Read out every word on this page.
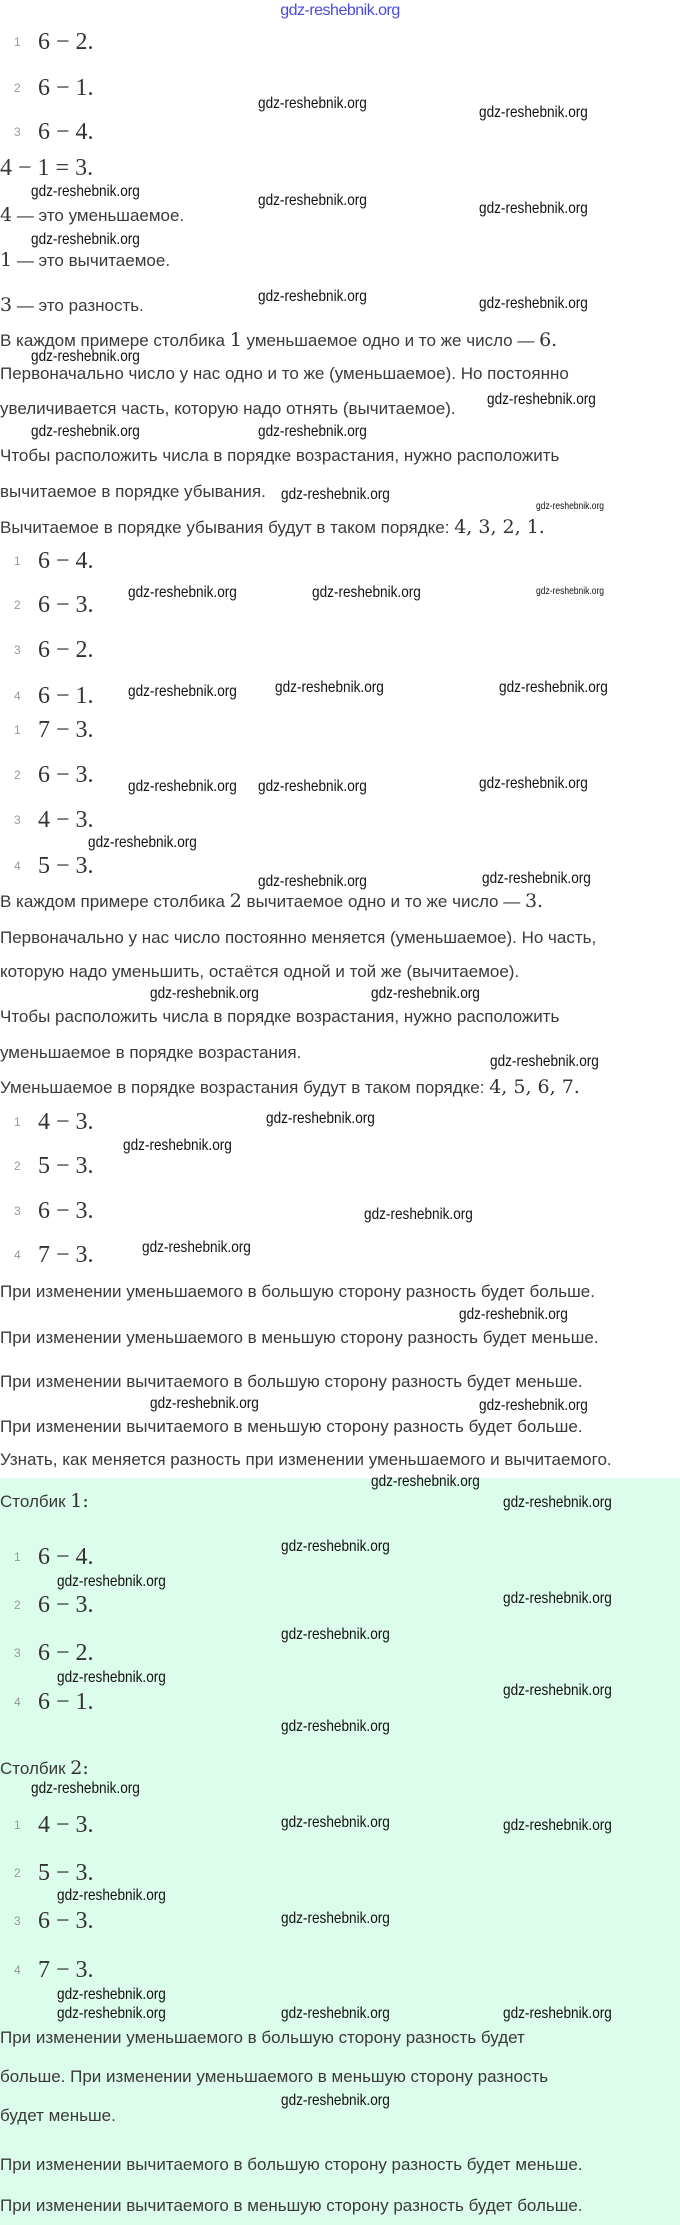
gdz-reshebnik.org
1 6 − 2.
2 6 − 1.
3 6 − 4.
4 − 1 = 3.
4 — это уменьшаемое.
1 — это вычитаемое.
3 — это разность.
В каждом примере столбика 1 уменьшаемое одно и то же число — 6.
Первоначально число у нас одно и то же (уменьшаемое). Но постоянно
увеличивается часть, которую надо отнять (вычитаемое).
Чтобы расположить числа в порядке возрастания, нужно расположить
вычитаемое в порядке убывания.
Вычитаемое в порядке убывания будут в таком порядке: 4, 3, 2, 1.
В каждом примере столбика 2 вычитаемое одно и то же число — 3.
Первоначально у нас число постоянно меняется (уменьшаемое). Но часть,
которую надо уменьшить, остаётся одной и той же (вычитаемое).
Чтобы расположить числа в порядке возрастания, нужно расположить
уменьшаемое в порядке возрастания.
Уменьшаемое в порядке возрастания будут в таком порядке: 4, 5, 6, 7.
При изменении уменьшаемого в большую сторону разность будет больше.
При изменении уменьшаемого в меньшую сторону разность будет меньше.
При изменении вычитаемого в большую сторону разность будет меньше.
При изменении вычитаемого в меньшую сторону разность будет больше.
Узнать, как меняется разность при изменении уменьшаемого и вычитаемого.
Столбик 1:
Столбик 2:
При изменении уменьшаемого в большую сторону разность будет
больше. При изменении уменьшаемого в меньшую сторону разность
будет меньше.
При изменении вычитаемого в большую сторону разность будет меньше.
При изменении вычитаемого в меньшую сторону разность будет больше.
gdz-reshebnik.org
gdz-reshebnik.org
gdz-reshebnik.org
gdz-reshebnik.org	gdz-reshebnik.org
gdz-reshebnik.org
gdz-reshebnik.org	gdz-reshebnik.org
gdz-reshebnik.org
gdz-reshebnik.org
gdz-reshebnik.org
gdz-reshebnik.org
gdz-reshebnik.org
gdz-reshebnik.org
gdz-reshebnik.org	gdz-reshebnik.org	gdz-reshebnik.org
gdz-reshebnik.org gdz-reshebnik.org	gdz-reshebnik.org
gdz-reshebnik.org gdz-reshebnik.org	gdz-reshebnik.org
gdz-reshebnik.org
gdz-reshebnik.org	gdz-reshebnik.org
gdz-reshebnik.org	gdz-reshebnik.org
gdz-reshebnik.org
gdz-reshebnik.org
gdz-reshebnik.org
gdz-reshebnik.org
gdz-reshebnik.org
gdz-reshebnik.org
gdz-reshebnik.org
gdz-reshebnik.org
gdz-reshebnik.org
gdz-reshebnik.org
gdz-reshebnik.org
gdz-reshebnik.org
gdz-reshebnik.org
gdz-reshebnik.org
gdz-reshebnik.org
gdz-reshebnik.org
gdz-reshebnik.org
gdz-reshebnik.org
gdz-reshebnik.org	gdz-reshebnik.org
gdz-reshebnik.org
gdz-reshebnik.org
gdz-reshebnik.org
gdz-reshebnik.org
gdz-reshebnik.org	gdz-reshebnik.org
gdz-reshebnik.org
1 6 − 4.
2 6 − 3.
3 6 − 2.
4 6 − 1.
1 7 − 3.
2 6 − 3.
3 4 − 3.
4 5 − 3.
1 4 − 3.
2 5 − 3.
3 6 − 3.
4 7 − 3.
1 6 − 4.
2 6 − 3.
3 6 − 2.
4 6 − 1.
1 4 − 3.
2 5 − 3.
3 6 − 3.
4 7 − 3.
